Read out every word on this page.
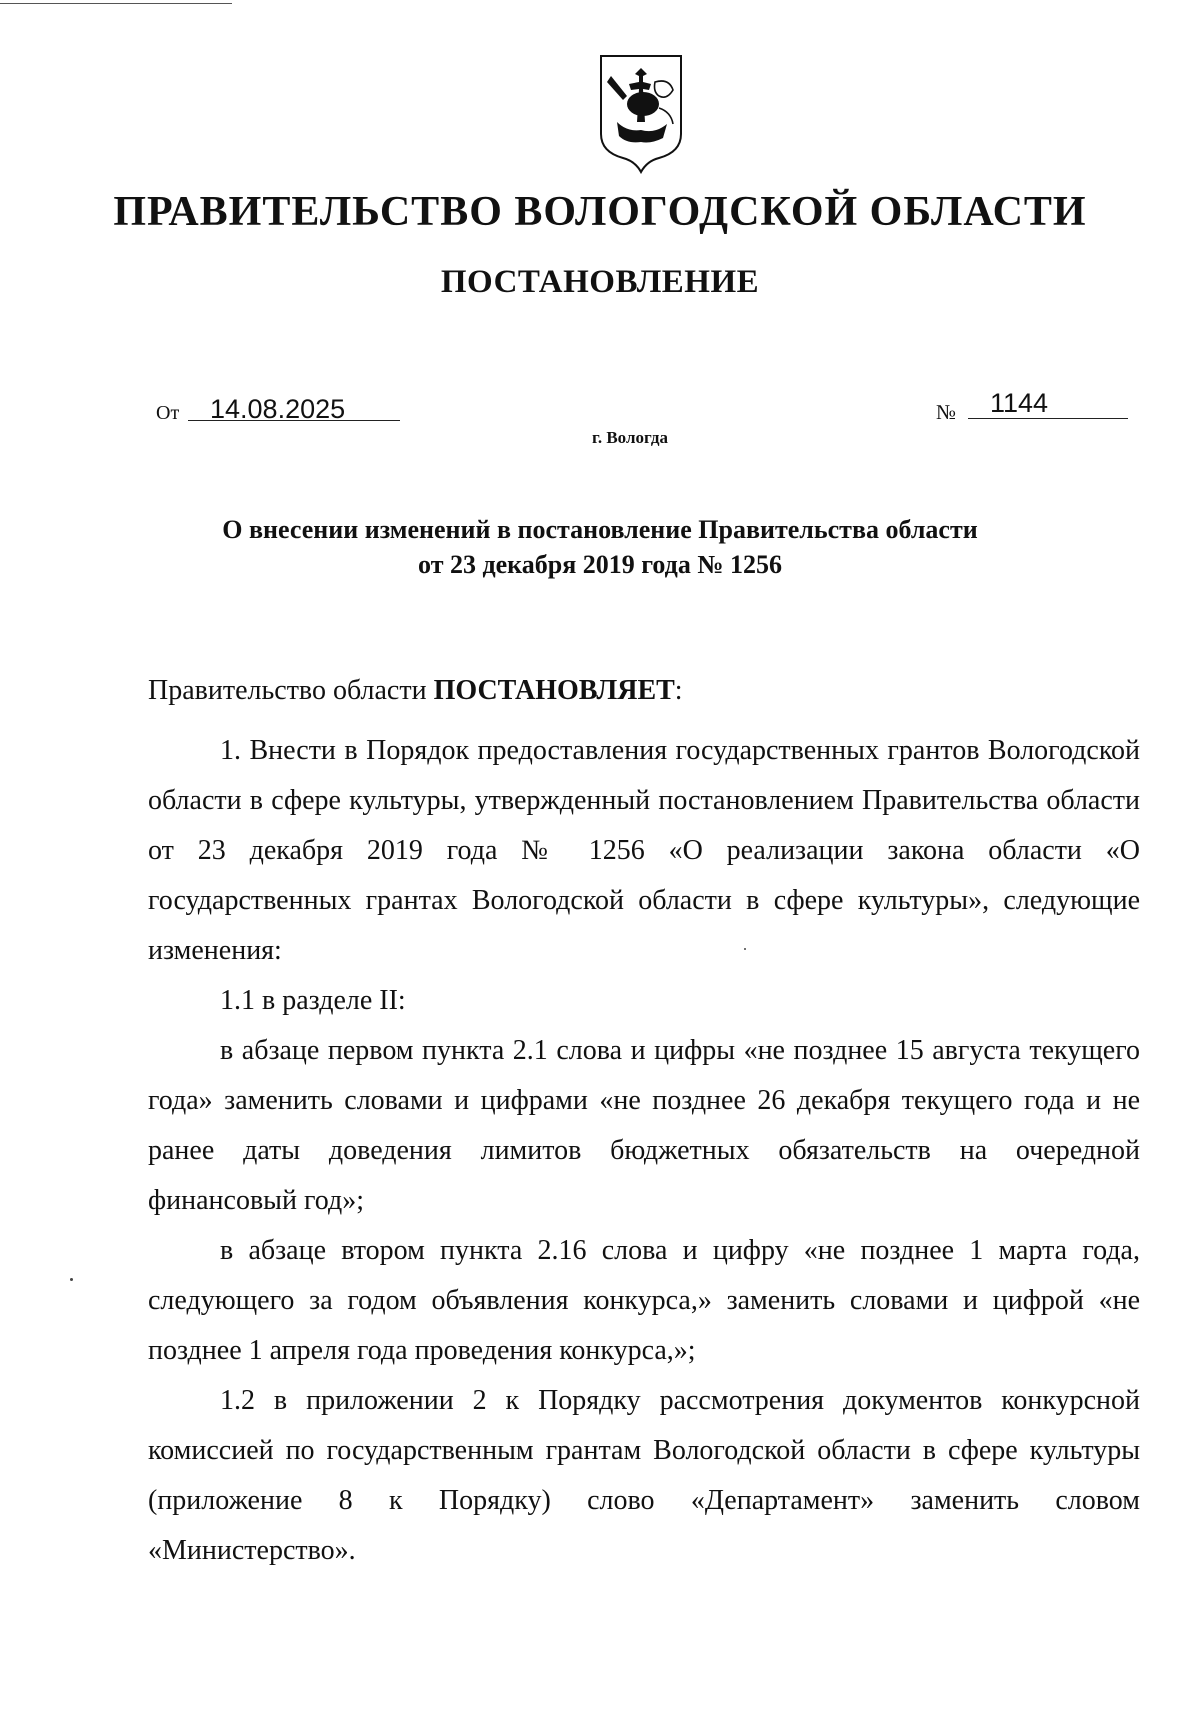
ПРАВИТЕЛЬСТВО ВОЛОГОДСКОЙ ОБЛАСТИ
ПОСТАНОВЛЕНИЕ
От 14.08.2025	№ 1144
г. Вологда
О внесении изменений в постановление Правительства области
от 23 декабря 2019 года № 1256
Правительство области ПОСТАНОВЛЯЕТ:

1. Внести в Порядок предоставления государственных грантов Вологодской области в сфере культуры, утвержденный постановлением Правительства области от 23 декабря 2019 года № 1256 «О реализации закона области «О государственных грантах Вологодской области в сфере культуры», следующие изменения:

1.1 в разделе II:

в абзаце первом пункта 2.1 слова и цифры «не позднее 15 августа текущего года» заменить словами и цифрами «не позднее 26 декабря текущего года и не ранее даты доведения лимитов бюджетных обязательств на очередной финансовый год»;

в абзаце втором пункта 2.16 слова и цифру «не позднее 1 марта года, следующего за годом объявления конкурса,» заменить словами и цифрой «не позднее 1 апреля года проведения конкурса,»;

1.2 в приложении 2 к Порядку рассмотрения документов конкурсной комиссией по государственным грантам Вологодской области в сфере культуры (приложение 8 к Порядку) слово «Департамент» заменить словом «Министерство».
